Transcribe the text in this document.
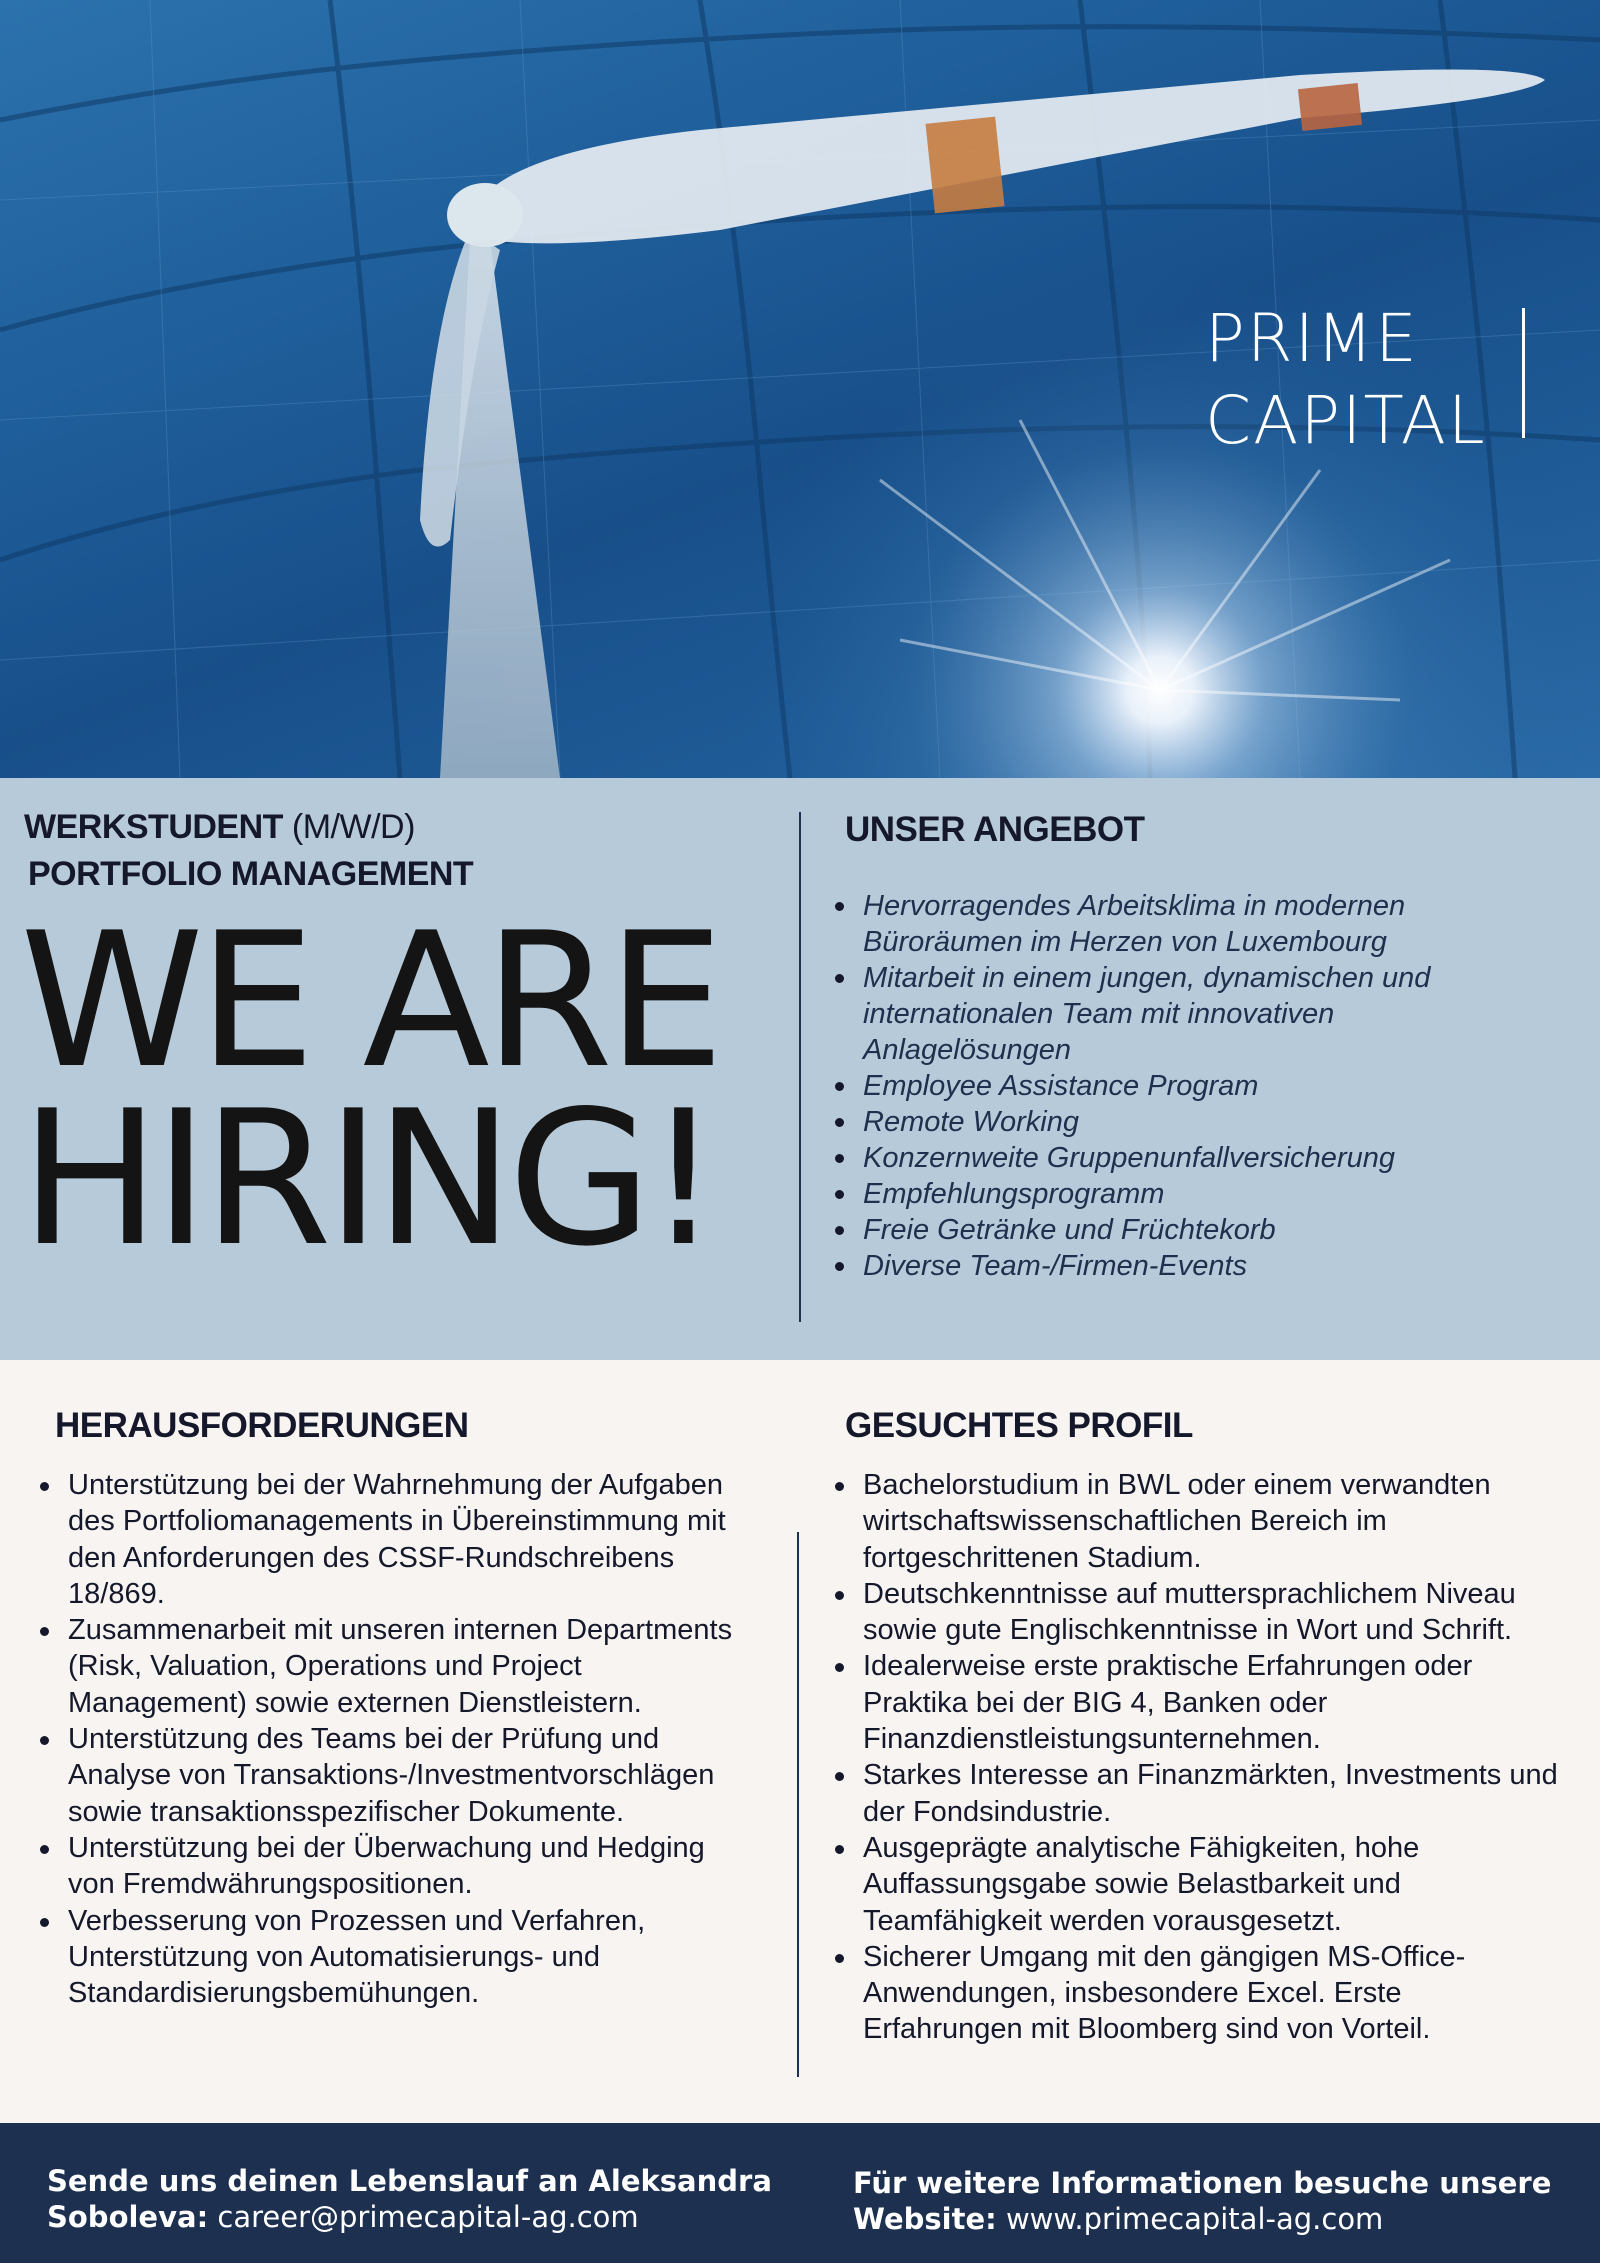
PRIME
CAPITAL
WERKSTUDENT (M/W/D)
PORTFOLIO MANAGEMENT
WE ARE
HIRING!
UNSER ANGEBOT
Hervorragendes Arbeitsklima in modernen Büroräumen im Herzen von Luxembourg
Mitarbeit in einem jungen, dynamischen und internationalen Team mit innovativen Anlagelösungen
Employee Assistance Program
Remote Working
Konzernweite Gruppenunfallversicherung
Empfehlungsprogramm
Freie Getränke und Früchtekorb
Diverse Team-/Firmen-Events
HERAUSFORDERUNGEN
Unterstützung bei der Wahrnehmung der Aufgaben des Portfoliomanagements in Übereinstimmung mit den Anforderungen des CSSF-Rundschreibens 18/869.
Zusammenarbeit mit unseren internen Departments (Risk, Valuation, Operations und Project Management) sowie externen Dienstleistern.
Unterstützung des Teams bei der Prüfung und Analyse von Transaktions-/Investmentvorschlägen sowie transaktionsspezifischer Dokumente.
Unterstützung bei der Überwachung und Hedging von Fremdwährungspositionen.
Verbesserung von Prozessen und Verfahren, Unterstützung von Automatisierungs- und Standardisierungsbemühungen.
GESUCHTES PROFIL
Bachelorstudium in BWL oder einem verwandten wirtschaftswissenschaftlichen Bereich im fortgeschrittenen Stadium.
Deutschkenntnisse auf muttersprachlichem Niveau sowie gute Englischkenntnisse in Wort und Schrift.
Idealerweise erste praktische Erfahrungen oder Praktika bei der BIG 4, Banken oder Finanzdienstleistungsunternehmen.
Starkes Interesse an Finanzmärkten, Investments und der Fondsindustrie.
Ausgeprägte analytische Fähigkeiten, hohe Auffassungsgabe sowie Belastbarkeit und Teamfähigkeit werden vorausgesetzt.
Sicherer Umgang mit den gängigen MS-Office-Anwendungen, insbesondere Excel. Erste Erfahrungen mit Bloomberg sind von Vorteil.
Sende uns deinen Lebenslauf an Aleksandra
Soboleva: career@primecapital-ag.com
Für weitere Informationen besuche unsere
Website: www.primecapital-ag.com
